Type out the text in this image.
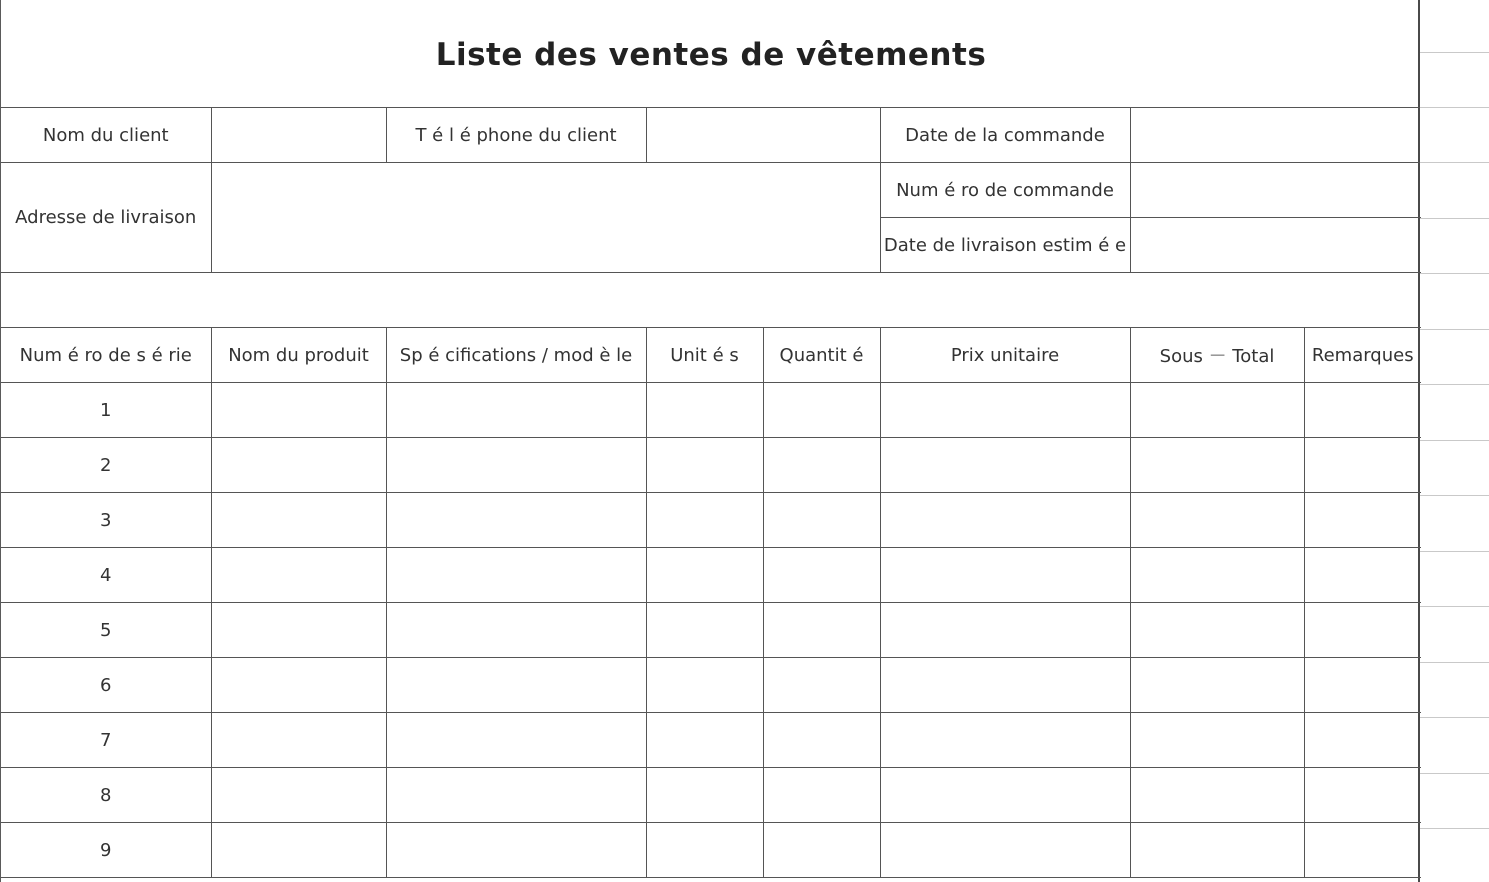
Liste des ventes de vêtements
Nom du client		T é l é phone du client			Date de la commande		
Adresse de livraison					Num é ro de commande		
					Date de livraison estim é e		

Num é ro de s é rie	Nom du produit	Sp é cifications / mod è le	Unit é s	Quantit é	Prix unitaire	Sous － Total	Remarques
1							
2							
3							
4							
5							
6							
7							
8							
9							
